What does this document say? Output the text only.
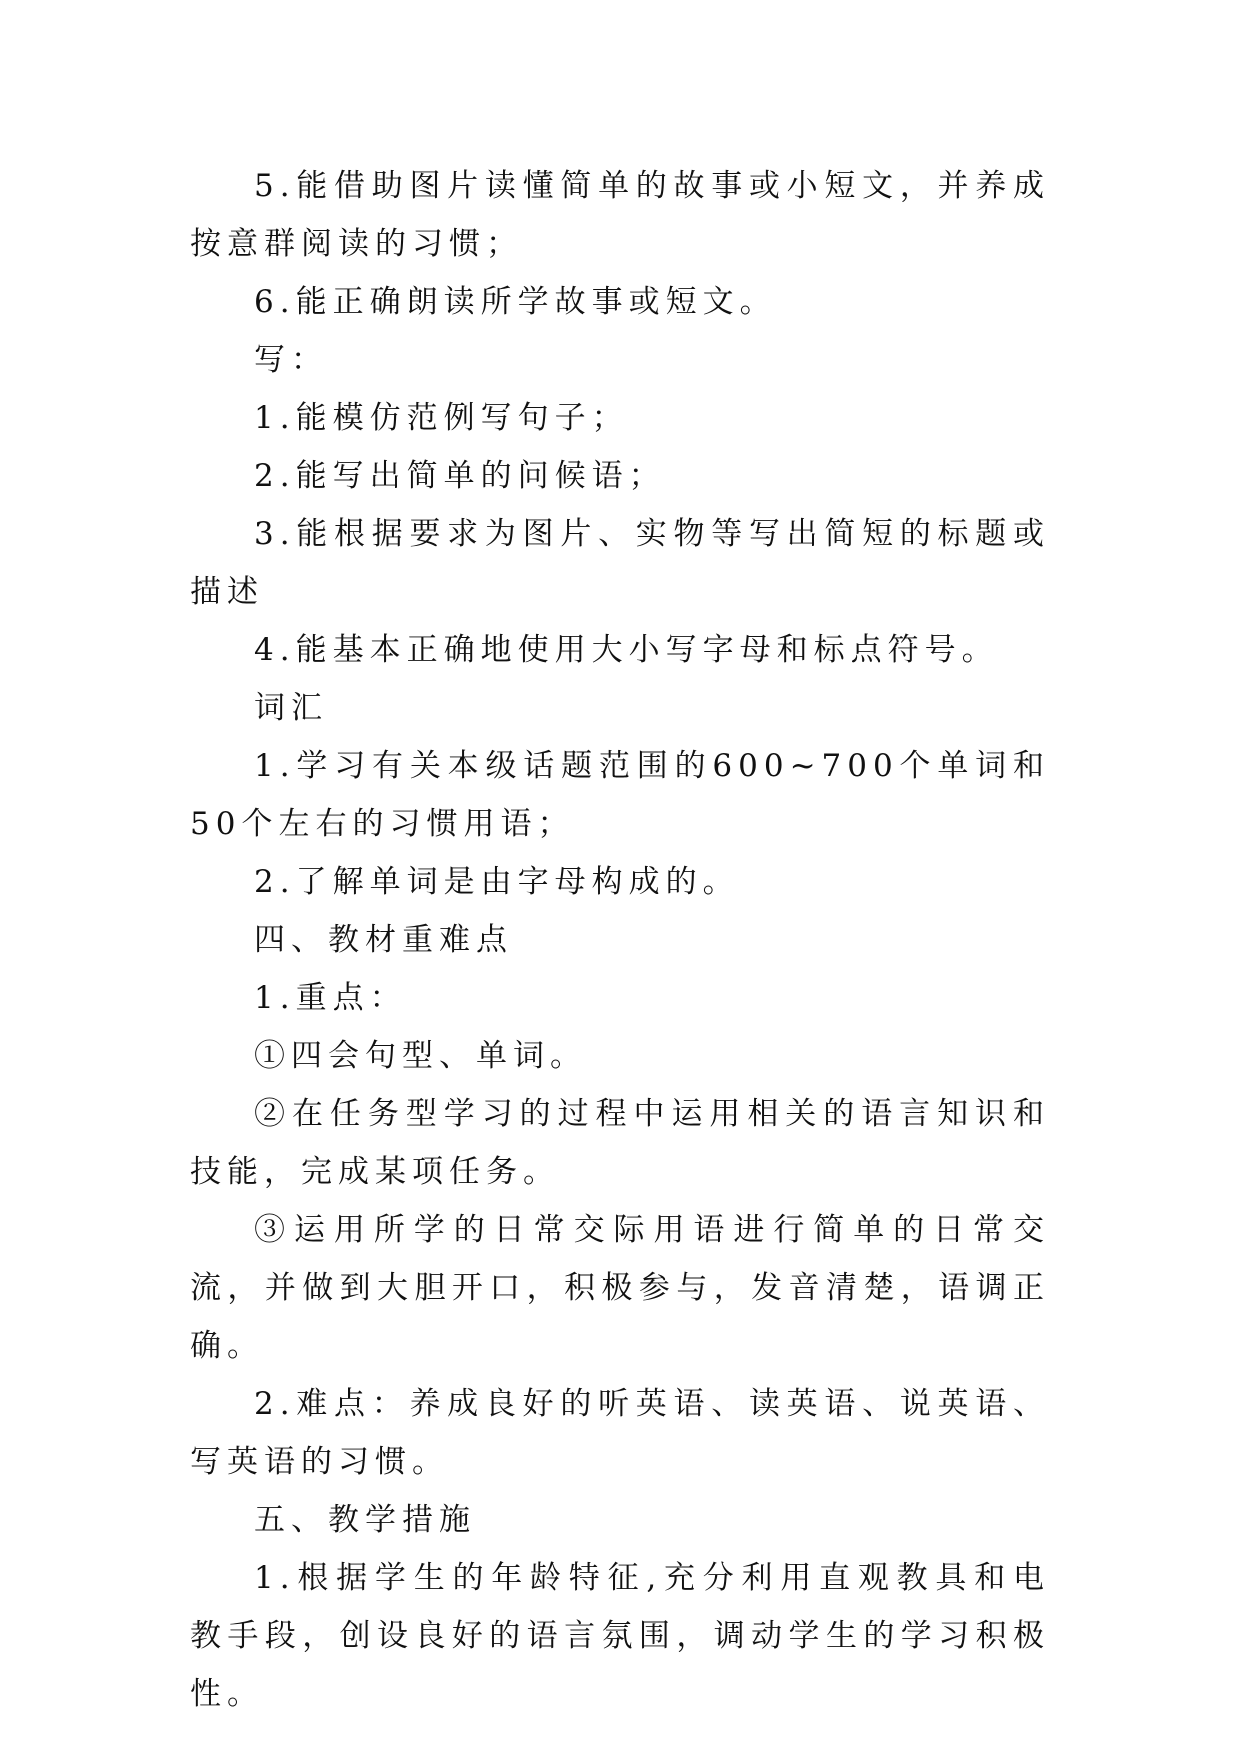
5.能借助图片读懂简单的故事或小短文，并养成按意群阅读的习惯；

6.能正确朗读所学故事或短文。

写：

1.能模仿范例写句子；

2.能写出简单的问候语；

3.能根据要求为图片、实物等写出简短的标题或描述

4.能基本正确地使用大小写字母和标点符号。

词汇

1.学习有关本级话题范围的600~700个单词和50个左右的习惯用语；

2.了解单词是由字母构成的。

四、教材重难点

1.重点：

①四会句型、单词。

②在任务型学习的过程中运用相关的语言知识和技能，完成某项任务。

③运用所学的日常交际用语进行简单的日常交流，并做到大胆开口，积极参与，发音清楚，语调正确。

2.难点：养成良好的听英语、读英语、说英语、写英语的习惯。

五、教学措施

1.根据学生的年龄特征,充分利用直观教具和电教手段，创设良好的语言氛围，调动学生的学习积极性。
